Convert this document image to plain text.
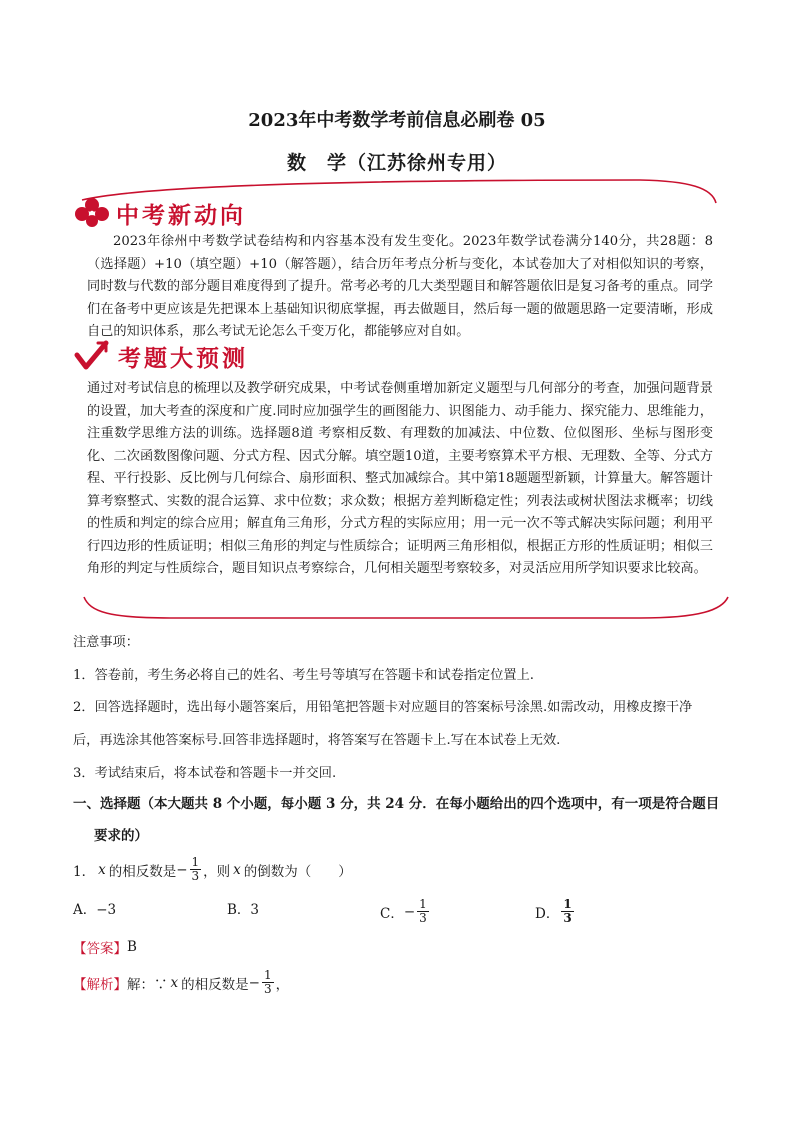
2023年中考数学考前信息必刷卷 05
数　学（江苏徐州专用）
中考新动向
2023年徐州中考数学试卷结构和内容基本没有发生变化。2023年数学试卷满分140分，共28题：8（选择题）+10（填空题）+10（解答题），结合历年考点分析与变化，本试卷加大了对相似知识的考察，同时数与代数的部分题目难度得到了提升。常考必考的几大类型题目和解答题依旧是复习备考的重点。同学们在备考中更应该是先把课本上基础知识彻底掌握，再去做题目，然后每一题的做题思路一定要清晰，形成自己的知识体系，那么考试无论怎么千变万化，都能够应对自如。
考题大预测
通过对考试信息的梳理以及教学研究成果，中考试卷侧重增加新定义题型与几何部分的考查，加强问题背景的设置，加大考查的深度和广度.同时应加强学生的画图能力、识图能力、动手能力、探究能力、思维能力，注重数学思维方法的训练。选择题8道 考察相反数、有理数的加减法、中位数、位似图形、坐标与图形变化、二次函数图像问题、分式方程、因式分解。填空题10道，主要考察算术平方根、无理数、全等、分式方程、平行投影、反比例与几何综合、扇形面积、整式加减综合。其中第18题题型新颖，计算量大。解答题计算考察整式、实数的混合运算、求中位数；求众数；根据方差判断稳定性；列表法或树状图法求概率；切线的性质和判定的综合应用；解直角三角形，分式方程的实际应用；用一元一次不等式解决实际问题；利用平行四边形的性质证明；相似三角形的判定与性质综合；证明两三角形相似，根据正方形的性质证明；相似三角形的判定与性质综合，题目知识点考察综合，几何相关题型考察较多，对灵活应用所学知识要求比较高。
注意事项：
1．答卷前，考生务必将自己的姓名、考生号等填写在答题卡和试卷指定位置上.
2．回答选择题时，选出每小题答案后，用铅笔把答题卡对应题目的答案标号涂黑.如需改动，用橡皮擦干净
后，再选涂其他答案标号.回答非选择题时，将答案写在答题卡上.写在本试卷上无效.
3．考试结束后，将本试卷和答题卡一并交回.
一、选择题（本大题共 8 个小题，每小题 3 分，共 24 分．在每小题给出的四个选项中，有一项是符合题目
要求的）
1． x 的相反数是 − $\frac{1}{3}$ ，则 x 的倒数为（　　）
A．−3	B．3	C． − $\frac{1}{3}$	D． $\frac{1}{3}$
【答案】 B
【解析】 解：∵ x 的相反数是 − $\frac{1}{3}$ ，
